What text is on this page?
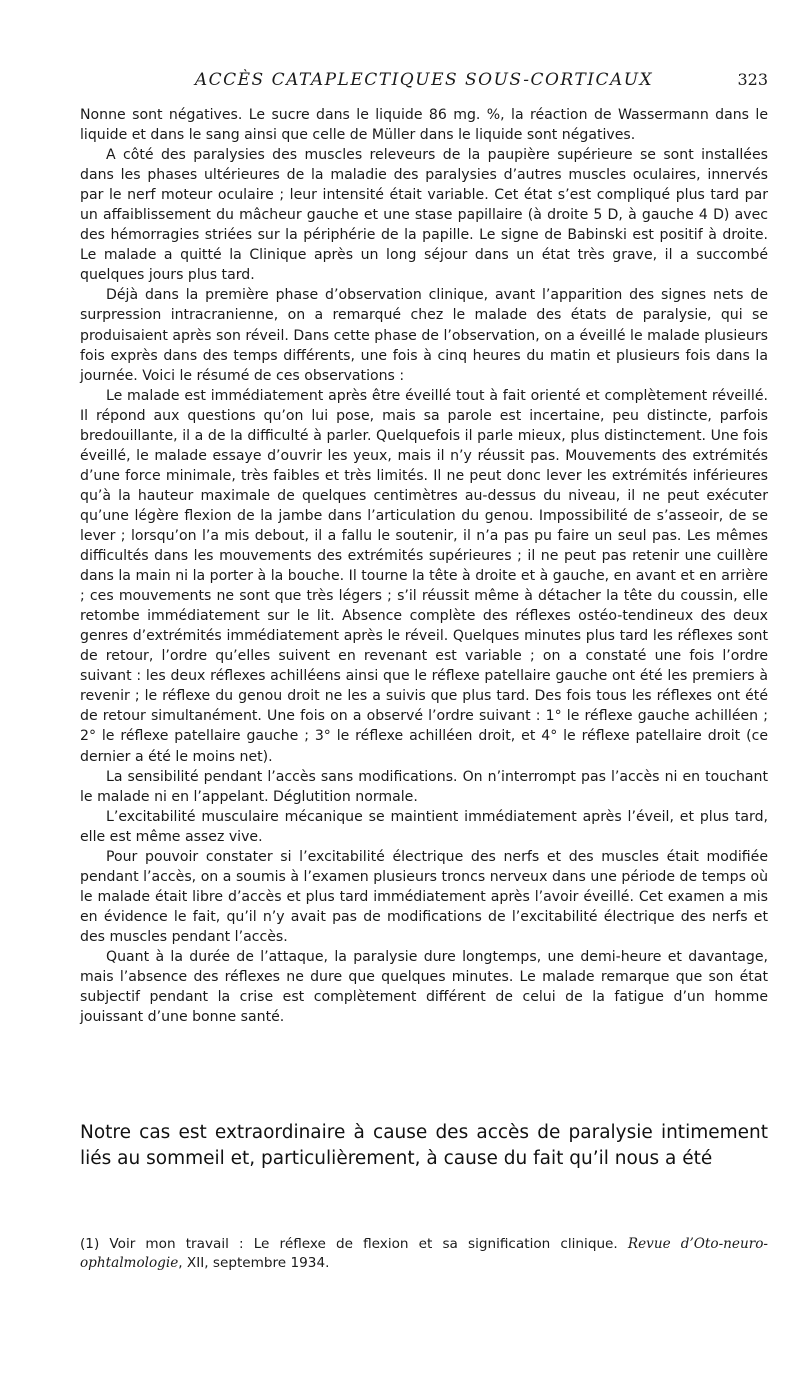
ACCÈS CATAPLECTIQUES SOUS-CORTICAUX	323

Nonne sont négatives. Le sucre dans le liquide 86 mg. %, la réaction de Wassermann dans le liquide et dans le sang ainsi que celle de Müller dans le liquide sont négatives.

A côté des paralysies des muscles releveurs de la paupière supérieure se sont installées dans les phases ultérieures de la maladie des paralysies d’autres muscles oculaires, innervés par le nerf moteur oculaire ; leur intensité était variable. Cet état s’est compliqué plus tard par un affaiblissement du mâcheur gauche et une stase papillaire (à droite 5 D, à gauche 4 D) avec des hémorragies striées sur la périphérie de la papille. Le signe de Babinski est positif à droite. Le malade a quitté la Clinique après un long séjour dans un état très grave, il a succombé quelques jours plus tard.

Déjà dans la première phase d’observation clinique, avant l’apparition des signes nets de surpression intracranienne, on a remarqué chez le malade des états de paralysie, qui se produisaient après son réveil. Dans cette phase de l’observation, on a éveillé le malade plusieurs fois exprès dans des temps différents, une fois à cinq heures du matin et plusieurs fois dans la journée. Voici le résumé de ces observations :

Le malade est immédiatement après être éveillé tout à fait orienté et complètement réveillé. Il répond aux questions qu’on lui pose, mais sa parole est incertaine, peu distincte, parfois bredouillante, il a de la difficulté à parler. Quelquefois il parle mieux, plus distinctement. Une fois éveillé, le malade essaye d’ouvrir les yeux, mais il n’y réussit pas. Mouvements des extrémités d’une force minimale, très faibles et très limités. Il ne peut donc lever les extrémités inférieures qu’à la hauteur maximale de quelques centimètres au-dessus du niveau, il ne peut exécuter qu’une légère flexion de la jambe dans l’articulation du genou. Impossibilité de s’asseoir, de se lever ; lorsqu’on l’a mis debout, il a fallu le soutenir, il n’a pas pu faire un seul pas. Les mêmes difficultés dans les mouvements des extrémités supérieures ; il ne peut pas retenir une cuillère dans la main ni la porter à la bouche. Il tourne la tête à droite et à gauche, en avant et en arrière ; ces mouvements ne sont que très légers ; s’il réussit même à détacher la tête du coussin, elle retombe immédiatement sur le lit. Absence complète des réflexes ostéo-tendineux des deux genres d’extrémités immédiatement après le réveil. Quelques minutes plus tard les réflexes sont de retour, l’ordre qu’elles suivent en revenant est variable ; on a constaté une fois l’ordre suivant : les deux réflexes achilléens ainsi que le réflexe patellaire gauche ont été les premiers à revenir ; le réflexe du genou droit ne les a suivis que plus tard. Des fois tous les réflexes ont été de retour simultanément. Une fois on a observé l’ordre suivant : 1° le réflexe gauche achilléen ; 2° le réflexe patellaire gauche ; 3° le réflexe achilléen droit, et 4° le réflexe patellaire droit (ce dernier a été le moins net).

La sensibilité pendant l’accès sans modifications. On n’interrompt pas l’accès ni en touchant le malade ni en l’appelant. Déglutition normale.

L’excitabilité musculaire mécanique se maintient immédiatement après l’éveil, et plus tard, elle est même assez vive.

Pour pouvoir constater si l’excitabilité électrique des nerfs et des muscles était modifiée pendant l’accès, on a soumis à l’examen plusieurs troncs nerveux dans une période de temps où le malade était libre d’accès et plus tard immédiatement après l’avoir éveillé. Cet examen a mis en évidence le fait, qu’il n’y avait pas de modifications de l’excitabilité électrique des nerfs et des muscles pendant l’accès.

Quant à la durée de l’attaque, la paralysie dure longtemps, une demi-heure et davantage, mais l’absence des réflexes ne dure que quelques minutes. Le malade remarque que son état subjectif pendant la crise est complètement différent de celui de la fatigue d’un homme jouissant d’une bonne santé.

Notre cas est extraordinaire à cause des accès de paralysie intimement liés au sommeil et, particulièrement, à cause du fait qu’il nous a été
(1) Voir mon travail : Le réflexe de flexion et sa signification clinique. Revue d’Oto-neuro-ophtalmologie, XII, septembre 1934.
